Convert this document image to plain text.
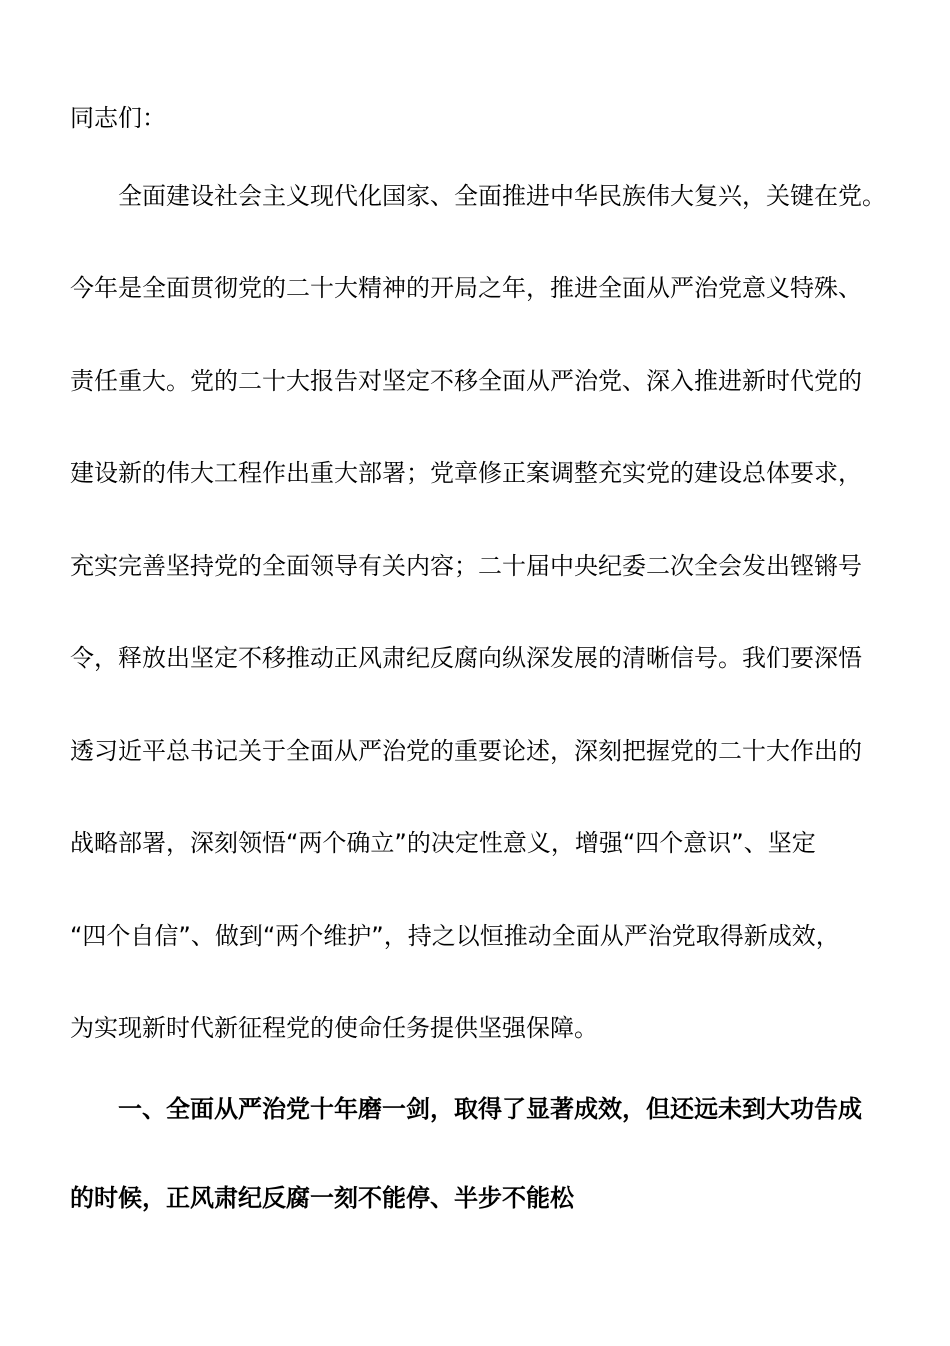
同志们：
全面建设社会主义现代化国家、全面推进中华民族伟大复兴，关键在党。
今年是全面贯彻党的二十大精神的开局之年，推进全面从严治党意义特殊、
责任重大。党的二十大报告对坚定不移全面从严治党、深入推进新时代党的
建设新的伟大工程作出重大部署；党章修正案调整充实党的建设总体要求，
充实完善坚持党的全面领导有关内容；二十届中央纪委二次全会发出铿锵号
令，释放出坚定不移推动正风肃纪反腐向纵深发展的清晰信号。我们要深悟
透习近平总书记关于全面从严治党的重要论述，深刻把握党的二十大作出的
战略部署，深刻领悟“两个确立”的决定性意义，增强“四个意识”、坚定
“四个自信”、做到“两个维护”，持之以恒推动全面从严治党取得新成效，
为实现新时代新征程党的使命任务提供坚强保障。
一、全面从严治党十年磨一剑，取得了显著成效，但还远未到大功告成
的时候，正风肃纪反腐一刻不能停、半步不能松
